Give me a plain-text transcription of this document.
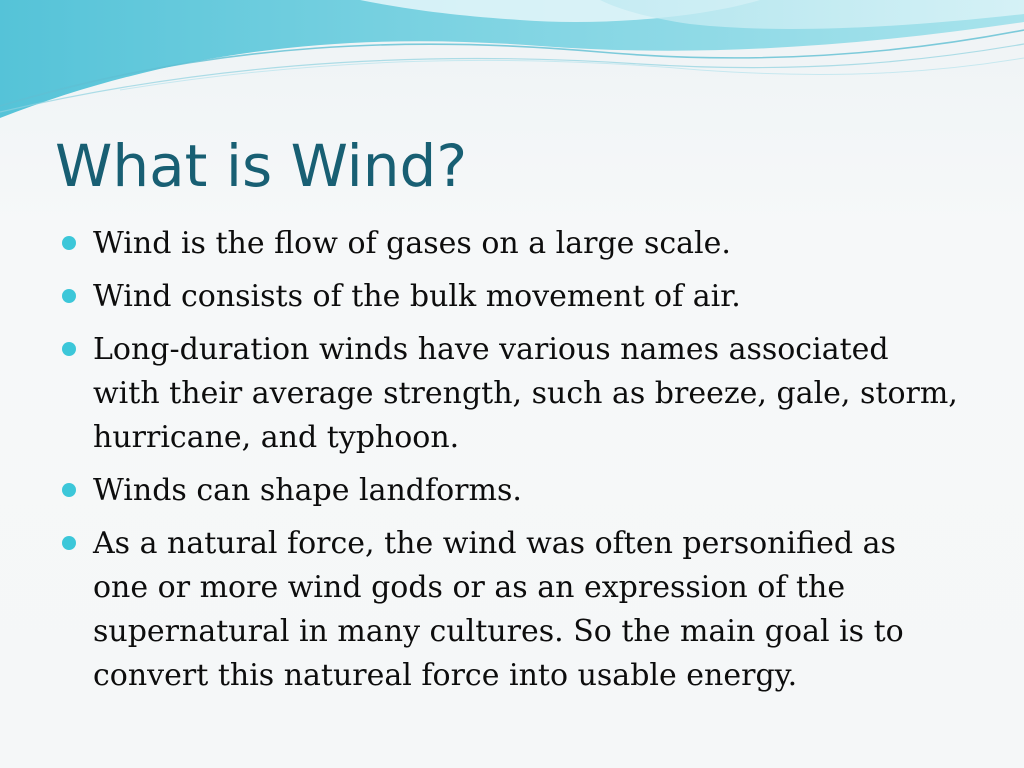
What is Wind?
Wind is the flow of gases on a large scale.
Wind consists of the bulk movement of air.
Long-duration winds have various names associated with their average strength, such as breeze, gale, storm, hurricane, and typhoon.
Winds can shape landforms.
As a natural force, the wind was often personified as one or more wind gods or as an expression of the supernatural in many cultures. So the main goal is to convert this natureal force into usable energy.
